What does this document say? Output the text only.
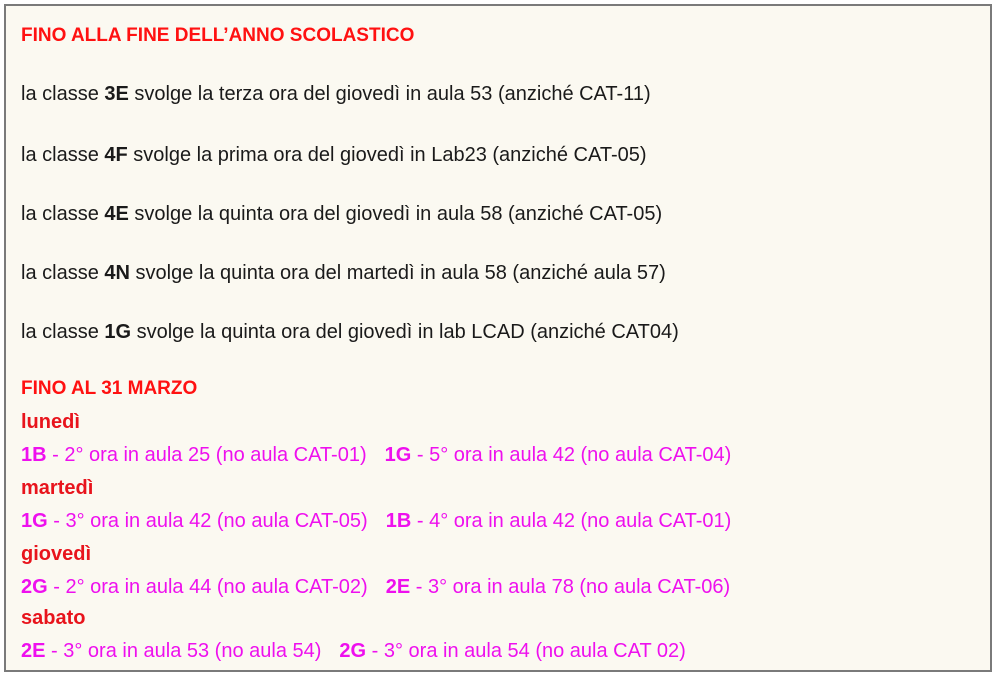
FINO ALLA FINE DELL’ANNO SCOLASTICO
la classe 3E svolge la terza ora del giovedì in aula 53 (anziché CAT-11)
la classe 4F svolge la prima ora del giovedì in Lab23 (anziché CAT-05)
la classe 4E svolge la quinta ora del giovedì in aula 58 (anziché CAT-05)
la classe 4N svolge la quinta ora del martedì in aula 58 (anziché aula 57)
la classe 1G svolge la quinta ora del giovedì in lab LCAD (anziché CAT04)
FINO AL 31 MARZO
lunedì
1B - 2° ora in aula 25 (no aula CAT-01) 1G - 5° ora in aula 42 (no aula CAT-04)
martedì
1G - 3° ora in aula 42 (no aula CAT-05) 1B - 4° ora in aula 42 (no aula CAT-01)
giovedì
2G - 2° ora in aula 44 (no aula CAT-02) 2E - 3° ora in aula 78 (no aula CAT-06)
sabato
2E - 3° ora in aula 53 (no aula 54) 2G - 3° ora in aula 54 (no aula CAT 02)
